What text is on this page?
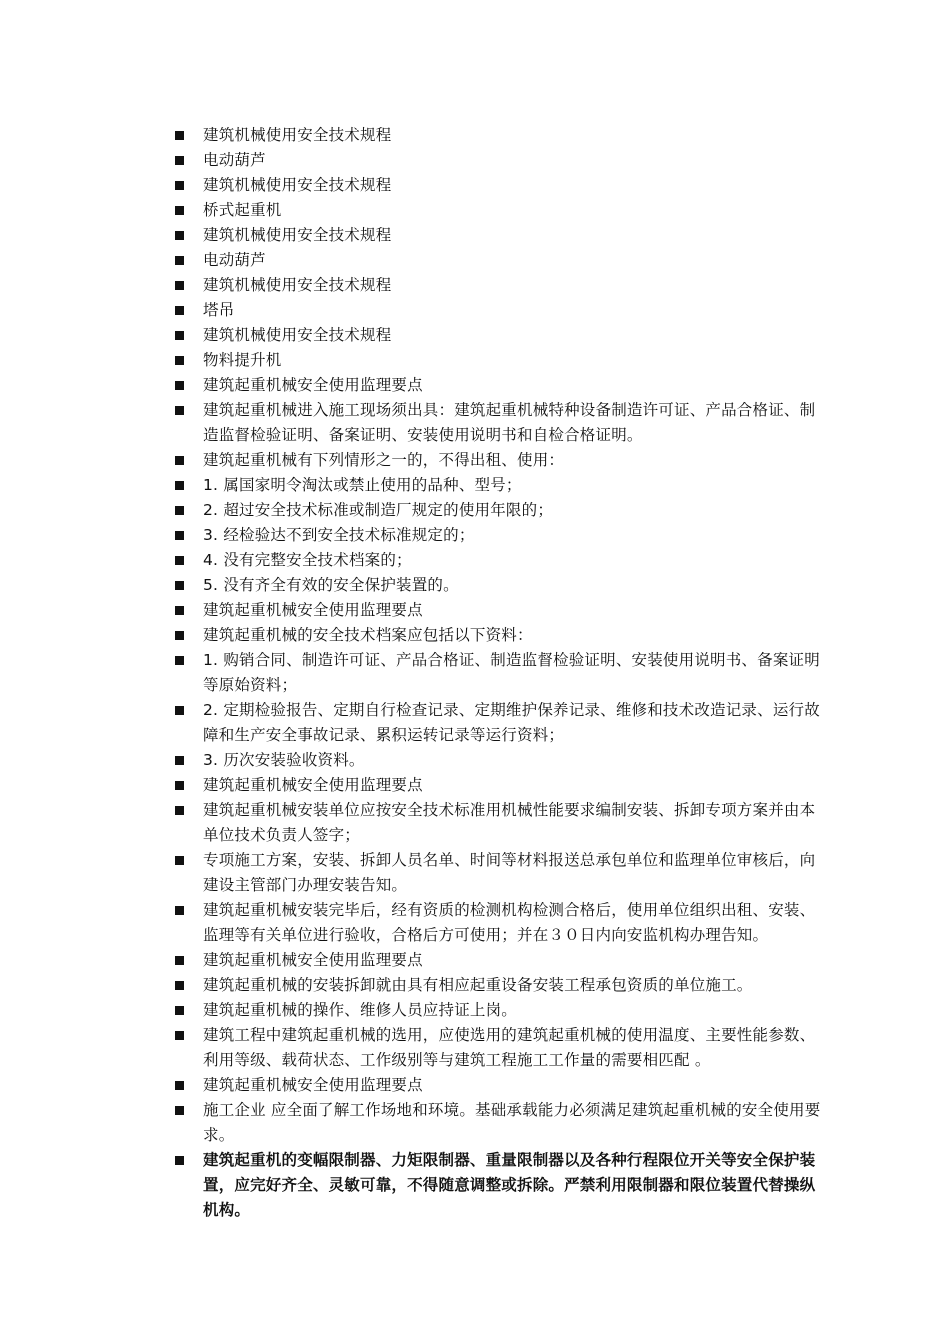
建筑机械使用安全技术规程
电动葫芦
建筑机械使用安全技术规程
桥式起重机
建筑机械使用安全技术规程
电动葫芦
建筑机械使用安全技术规程
塔吊
建筑机械使用安全技术规程
物料提升机
建筑起重机械安全使用监理要点
建筑起重机械进入施工现场须出具：建筑起重机械特种设备制造许可证、产品合格证、制造监督检验证明、备案证明、安装使用说明书和自检合格证明。
建筑起重机械有下列情形之一的，不得出租、使用：
1. 属国家明令淘汰或禁止使用的品种、型号；
2. 超过安全技术标准或制造厂规定的使用年限的；
3. 经检验达不到安全技术标准规定的；
4. 没有完整安全技术档案的；
5. 没有齐全有效的安全保护装置的。
建筑起重机械安全使用监理要点
建筑起重机械的安全技术档案应包括以下资料：
1. 购销合同、制造许可证、产品合格证、制造监督检验证明、安装使用说明书、备案证明等原始资料；
2. 定期检验报告、定期自行检查记录、定期维护保养记录、维修和技术改造记录、运行故障和生产安全事故记录、累积运转记录等运行资料；
3. 历次安装验收资料。
建筑起重机械安全使用监理要点
建筑起重机械安装单位应按安全技术标准用机械性能要求编制安装、拆卸专项方案并由本单位技术负责人签字；
专项施工方案，安装、拆卸人员名单、时间等材料报送总承包单位和监理单位审核后，向建设主管部门办理安装告知。
建筑起重机械安装完毕后，经有资质的检测机构检测合格后，使用单位组织出租、安装、监理等有关单位进行验收，合格后方可使用；并在３０日内向安监机构办理告知。
建筑起重机械安全使用监理要点
建筑起重机械的安装拆卸就由具有相应起重设备安装工程承包资质的单位施工。
建筑起重机械的操作、维修人员应持证上岗。
建筑工程中建筑起重机械的选用，应使选用的建筑起重机械的使用温度、主要性能参数、利用等级、载荷状态、工作级别等与建筑工程施工工作量的需要相匹配 。
建筑起重机械安全使用监理要点
施工企业 应全面了解工作场地和环境。基础承载能力必须满足建筑起重机械的安全使用要求。
建筑起重机的变幅限制器、力矩限制器、重量限制器以及各种行程限位开关等安全保护装置，应完好齐全、灵敏可靠，不得随意调整或拆除。严禁利用限制器和限位装置代替操纵机构。
